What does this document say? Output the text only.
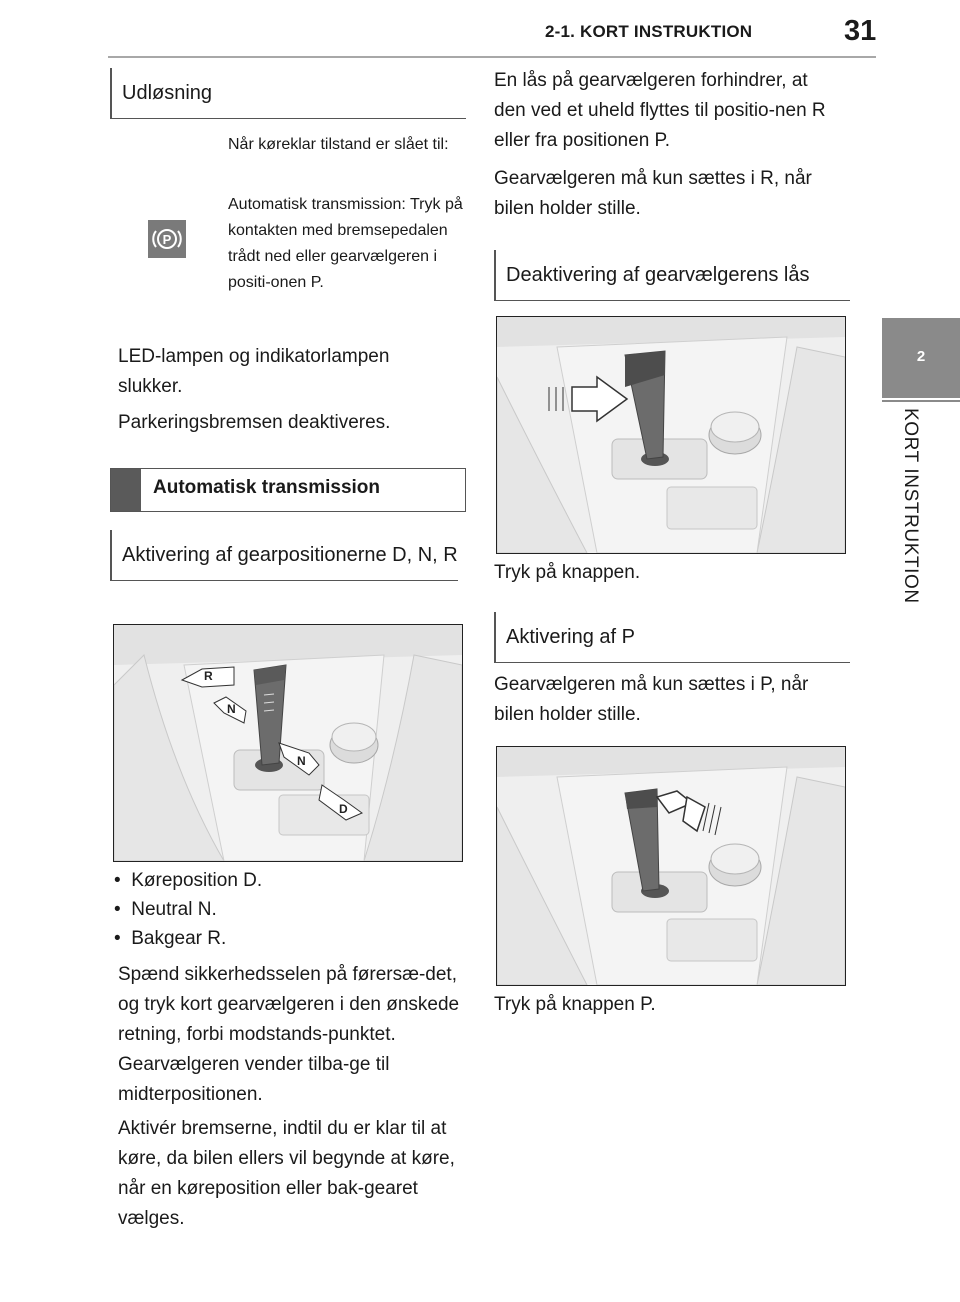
2-1. KORT INSTRUKTION	31
2
KORT INSTRUKTION
Udløsning
P
Når køreklar tilstand er slået til:
Automatisk transmission: Tryk på kontakten med bremsepedalen trådt ned eller gearvælgeren i positi-onen P.
LED-lampen og indikatorlampen slukker.
Parkeringsbremsen deaktiveres.
Automatisk transmission
Aktivering af gearpositionerne D, N, R
R
N
N
D
•  Køreposition D.
•  Neutral N.
•  Bakgear R.
Spænd sikkerhedsselen på førersæ-det, og tryk kort gearvælgeren i den ønskede retning, forbi modstands-punktet. Gearvælgeren vender tilba-ge til midterpositionen.
Aktivér bremserne, indtil du er klar til at køre, da bilen ellers vil begynde at køre, når en køreposition eller bak-gearet vælges.
En lås på gearvælgeren forhindrer, at den ved et uheld flyttes til positio-nen R eller fra positionen P.
Gearvælgeren må kun sættes i R, når bilen holder stille.
Deaktivering af gearvælgerens lås
Tryk på knappen.
Aktivering af P
Gearvælgeren må kun sættes i P, når bilen holder stille.
Tryk på knappen P.
